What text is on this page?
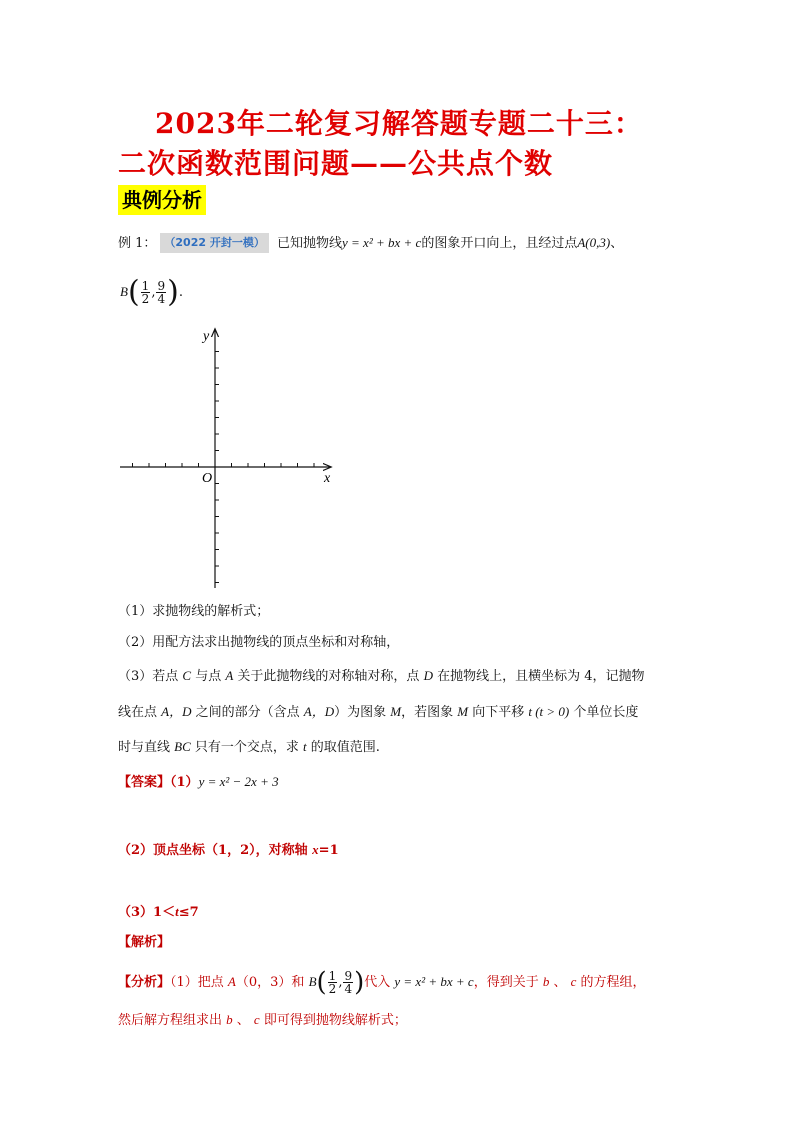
2023年二轮复习解答题专题二十三：
二次函数范围问题——公共点个数
典例分析
例 1： （2022 开封一模） 已知抛物线y = x² + bx + c的图象开口向上，且经过点A(0,3)、
$B( \frac{1}{2}$ , $\frac{9}{4}$ ).
x
y
O
（1）求抛物线的解析式；
（2）用配方法求出抛物线的顶点坐标和对称轴，
（3）若点 C 与点 A 关于此抛物线的对称轴对称，点 D 在抛物线上，且横坐标为 4，记抛物
线在点 A，D 之间的部分（含点 A，D）为图象 M，若图象 M 向下平移 t (t > 0) 个单位长度
时与直线 BC 只有一个交点，求 t 的取值范围.
【答案】（1）y = x² − 2x + 3
（2）顶点坐标（1，2），对称轴 x=1
（3）1＜t≤7
【解析】
【分析】（1）把点 A（0，3）和 $B( \frac{1}{2}$ , $\frac{9}{4}$ )代入 y = x² + bx + c，得到关于 b 、 c 的方程组，
然后解方程组求出 b 、 c 即可得到抛物线解析式；
